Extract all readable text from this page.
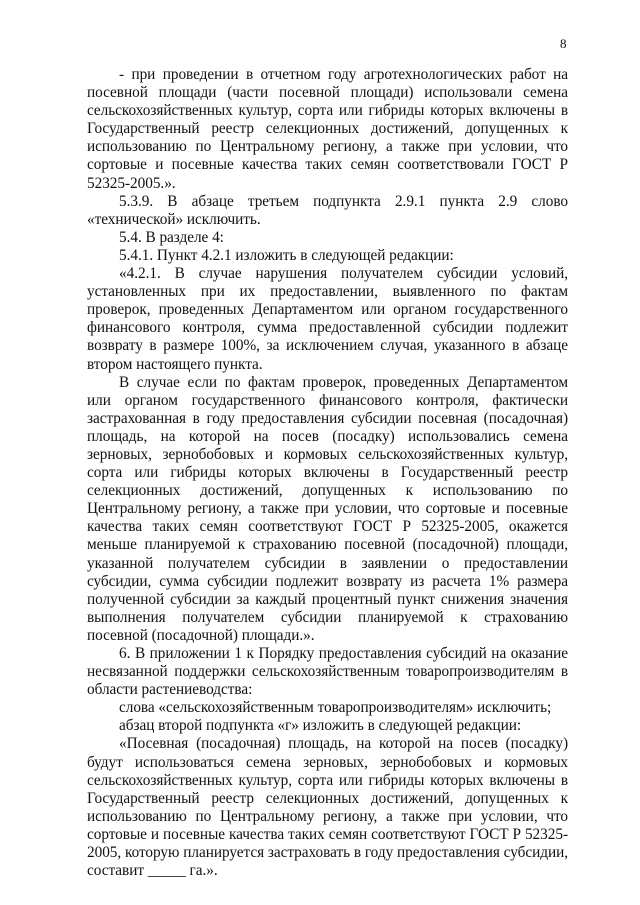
8

- при проведении в отчетном году агротехнологических работ на посевной площади (части посевной площади) использовали семена сельскохозяйственных культур, сорта или гибриды которых включены в Государственный реестр селекционных достижений, допущенных к использованию по Центральному региону, а также при условии, что сортовые и посевные качества таких семян соответствовали ГОСТ Р 52325-2005.».

5.3.9. В абзаце третьем подпункта 2.9.1 пункта 2.9 слово «технической» исключить.

5.4. В разделе 4:

5.4.1. Пункт 4.2.1 изложить в следующей редакции:

«4.2.1. В случае нарушения получателем субсидии условий, установленных при их предоставлении, выявленного по фактам проверок, проведенных Департаментом или органом государственного финансового контроля, сумма предоставленной субсидии подлежит возврату в размере 100%, за исключением случая, указанного в абзаце втором настоящего пункта.

В случае если по фактам проверок, проведенных Департаментом или органом государственного финансового контроля, фактически застрахованная в году предоставления субсидии посевная (посадочная) площадь, на которой на посев (посадку) использовались семена зерновых, зернобобовых и кормовых сельскохозяйственных культур, сорта или гибриды которых включены в Государственный реестр селекционных достижений, допущенных к использованию по Центральному региону, а также при условии, что сортовые и посевные качества таких семян соответствуют ГОСТ Р 52325-2005, окажется меньше планируемой к страхованию посевной (посадочной) площади, указанной получателем субсидии в заявлении о предоставлении субсидии, сумма субсидии подлежит возврату из расчета 1% размера полученной субсидии за каждый процентный пункт снижения значения выполнения получателем субсидии планируемой к страхованию посевной (посадочной) площади.».

6. В приложении 1 к Порядку предоставления субсидий на оказание несвязанной поддержки сельскохозяйственным товаропроизводителям в области растениеводства:

слова «сельскохозяйственным товаропроизводителям» исключить;

абзац второй подпункта «г» изложить в следующей редакции:

«Посевная (посадочная) площадь, на которой на посев (посадку) будут использоваться семена зерновых, зернобобовых и кормовых сельскохозяйственных культур, сорта или гибриды которых включены в Государственный реестр селекционных достижений, допущенных к использованию по Центральному региону, а также при условии, что сортовые и посевные качества таких семян соответствуют ГОСТ Р 52325-2005, которую планируется застраховать в году предоставления субсидии, составит _____ га.».
